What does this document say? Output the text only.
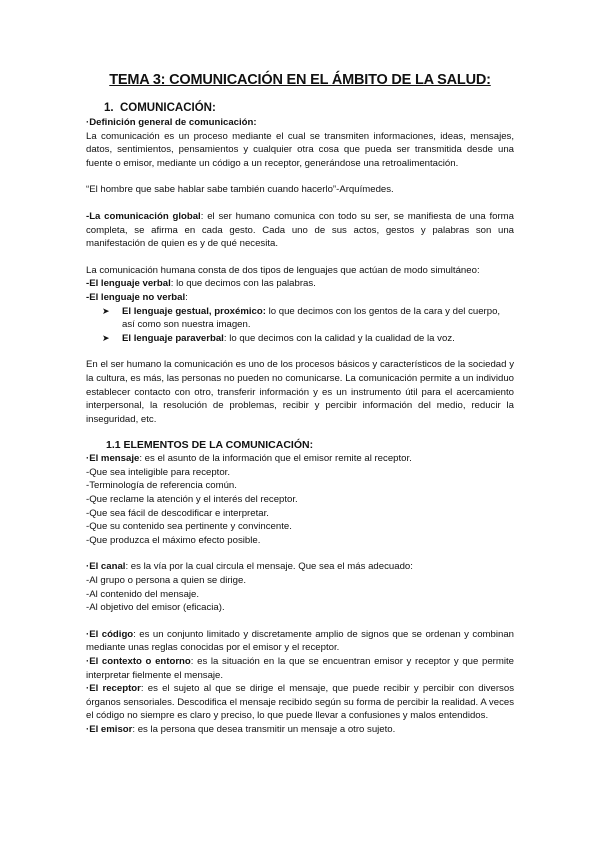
TEMA 3: COMUNICACIÓN EN EL ÁMBITO DE LA SALUD:
1.  COMUNICACIÓN:

·Definición general de comunicación:

La comunicación es un proceso mediante el cual se transmiten informaciones, ideas, mensajes, datos, sentimientos, pensamientos y cualquier otra cosa que pueda ser transmitida desde una fuente o emisor, mediante un código a un receptor, generándose una retroalimentación.

“El hombre que sabe hablar sabe también cuando hacerlo”-Arquímedes.

-La comunicación global: el ser humano comunica con todo su ser, se manifiesta de una forma completa, se afirma en cada gesto. Cada uno de sus actos, gestos y palabras son una manifestación de quien es y de qué necesita.

La comunicación humana consta de dos tipos de lenguajes que actúan de modo simultáneo:

-El lenguaje verbal: lo que decimos con las palabras.

-El lenguaje no verbal:

➤	El lenguaje gestual, proxémico: lo que decimos con los gentos de la cara y del cuerpo, así como son nuestra imagen.
➤	El lenguaje paraverbal: lo que decimos con la calidad y la cualidad de la voz.

En el ser humano la comunicación es uno de los procesos básicos y característicos de la sociedad y la cultura, es más, las personas no pueden no comunicarse. La comunicación permite a un individuo establecer contacto con otro, transferir información y es un instrumento útil para el acercamiento interpersonal, la resolución de problemas, recibir y percibir información del medio, reducir la inseguridad, etc.

1.1 ELEMENTOS DE LA COMUNICACIÓN:

·El mensaje: es el asunto de la información que el emisor remite al receptor.

-Que sea inteligible para receptor.

-Terminología de referencia común.

-Que reclame la atención y el interés del receptor.

-Que sea fácil de descodificar e interpretar.

-Que su contenido sea pertinente y convincente.

-Que produzca el máximo efecto posible.

·El canal: es la vía por la cual circula el mensaje. Que sea el más adecuado:

-Al grupo o persona a quien se dirige.

-Al contenido del mensaje.

-Al objetivo del emisor (eficacia).

·El código: es un conjunto limitado y discretamente amplio de signos que se ordenan y combinan mediante unas reglas conocidas por el emisor y el receptor.

·El contexto o entorno: es la situación en la que se encuentran emisor y receptor y que permite interpretar fielmente el mensaje.

·El receptor: es el sujeto al que se dirige el mensaje, que puede recibir y percibir con diversos órganos sensoriales. Descodifica el mensaje recibido según su forma de percibir la realidad. A veces el código no siempre es claro y preciso, lo que puede llevar a confusiones y malos entendidos.

·El emisor: es la persona que desea transmitir un mensaje a otro sujeto.
